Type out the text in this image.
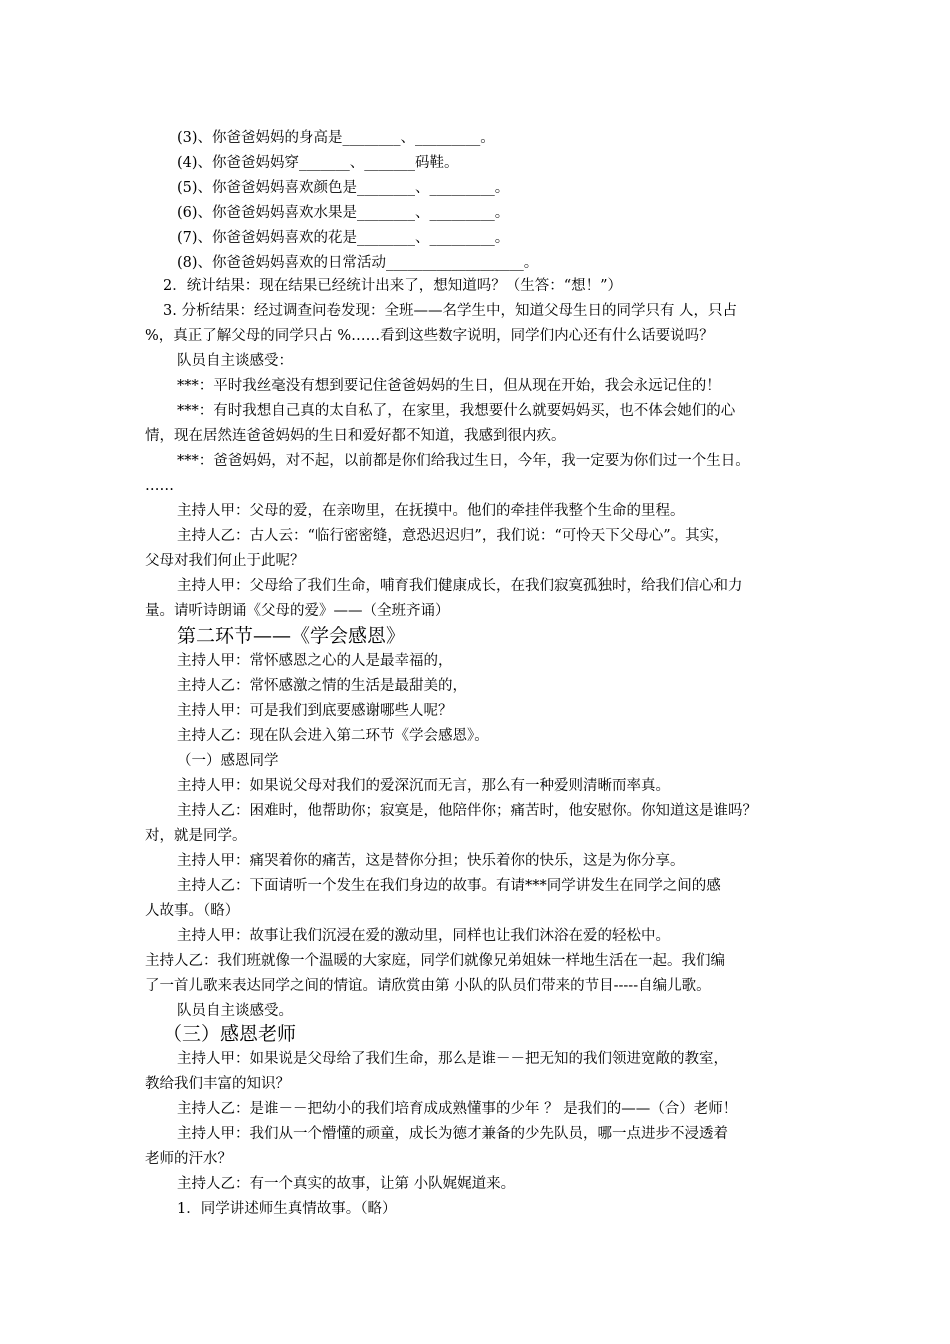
(3)、你爸爸妈妈的身高是________、_________。
(4)、你爸爸妈妈穿_______、_______码鞋。
(5)、你爸爸妈妈喜欢颜色是________、_________。
(6)、你爸爸妈妈喜欢水果是________、_________。
(7)、你爸爸妈妈喜欢的花是________、_________。
(8)、你爸爸妈妈喜欢的日常活动___________________。
2．统计结果：现在结果已经统计出来了，想知道吗？（生答：“想！”）
3. 分析结果：经过调查问卷发现：全班——名学生中，知道父母生日的同学只有 人，只占
%，真正了解父母的同学只占 %……看到这些数字说明，同学们内心还有什么话要说吗？
队员自主谈感受：
***：平时我丝毫没有想到要记住爸爸妈妈的生日，但从现在开始，我会永远记住的！
***：有时我想自己真的太自私了，在家里，我想要什么就要妈妈买，也不体会她们的心
情，现在居然连爸爸妈妈的生日和爱好都不知道，我感到很内疚。
***：爸爸妈妈，对不起，以前都是你们给我过生日，今年，我一定要为你们过一个生日。
……
主持人甲：父母的爱，在亲吻里，在抚摸中。他们的牵挂伴我整个生命的里程。
主持人乙：古人云：“临行密密缝，意恐迟迟归”，我们说：“可怜天下父母心”。其实，
父母对我们何止于此呢？
主持人甲：父母给了我们生命，哺育我们健康成长，在我们寂寞孤独时，给我们信心和力
量。请听诗朗诵《父母的爱》——（全班齐诵）
第二环节——《学会感恩》
主持人甲：常怀感恩之心的人是最幸福的，
主持人乙：常怀感激之情的生活是最甜美的，
主持人甲：可是我们到底要感谢哪些人呢？
主持人乙：现在队会进入第二环节《学会感恩》。
（一）感恩同学
主持人甲：如果说父母对我们的爱深沉而无言，那么有一种爱则清晰而率真。
主持人乙：困难时，他帮助你；寂寞是，他陪伴你；痛苦时，他安慰你。你知道这是谁吗？
对，就是同学。
主持人甲：痛哭着你的痛苦，这是替你分担；快乐着你的快乐，这是为你分享。
主持人乙：下面请听一个发生在我们身边的故事。有请***同学讲发生在同学之间的感
人故事。（略）
主持人甲：故事让我们沉浸在爱的激动里，同样也让我们沐浴在爱的轻松中。
主持人乙：我们班就像一个温暖的大家庭，同学们就像兄弟姐妹一样地生活在一起。我们编
了一首儿歌来表达同学之间的情谊。请欣赏由第 小队的队员们带来的节目-----自编儿歌。
队员自主谈感受。
（三）感恩老师
主持人甲：如果说是父母给了我们生命，那么是谁－－把无知的我们领进宽敞的教室，
教给我们丰富的知识？
主持人乙：是谁－－把幼小的我们培育成成熟懂事的少年 ？ 是我们的——（合）老师！
主持人甲：我们从一个懵懂的顽童，成长为德才兼备的少先队员，哪一点进步不浸透着
老师的汗水？
主持人乙：有一个真实的故事，让第 小队娓娓道来。
1．同学讲述师生真情故事。（略）
